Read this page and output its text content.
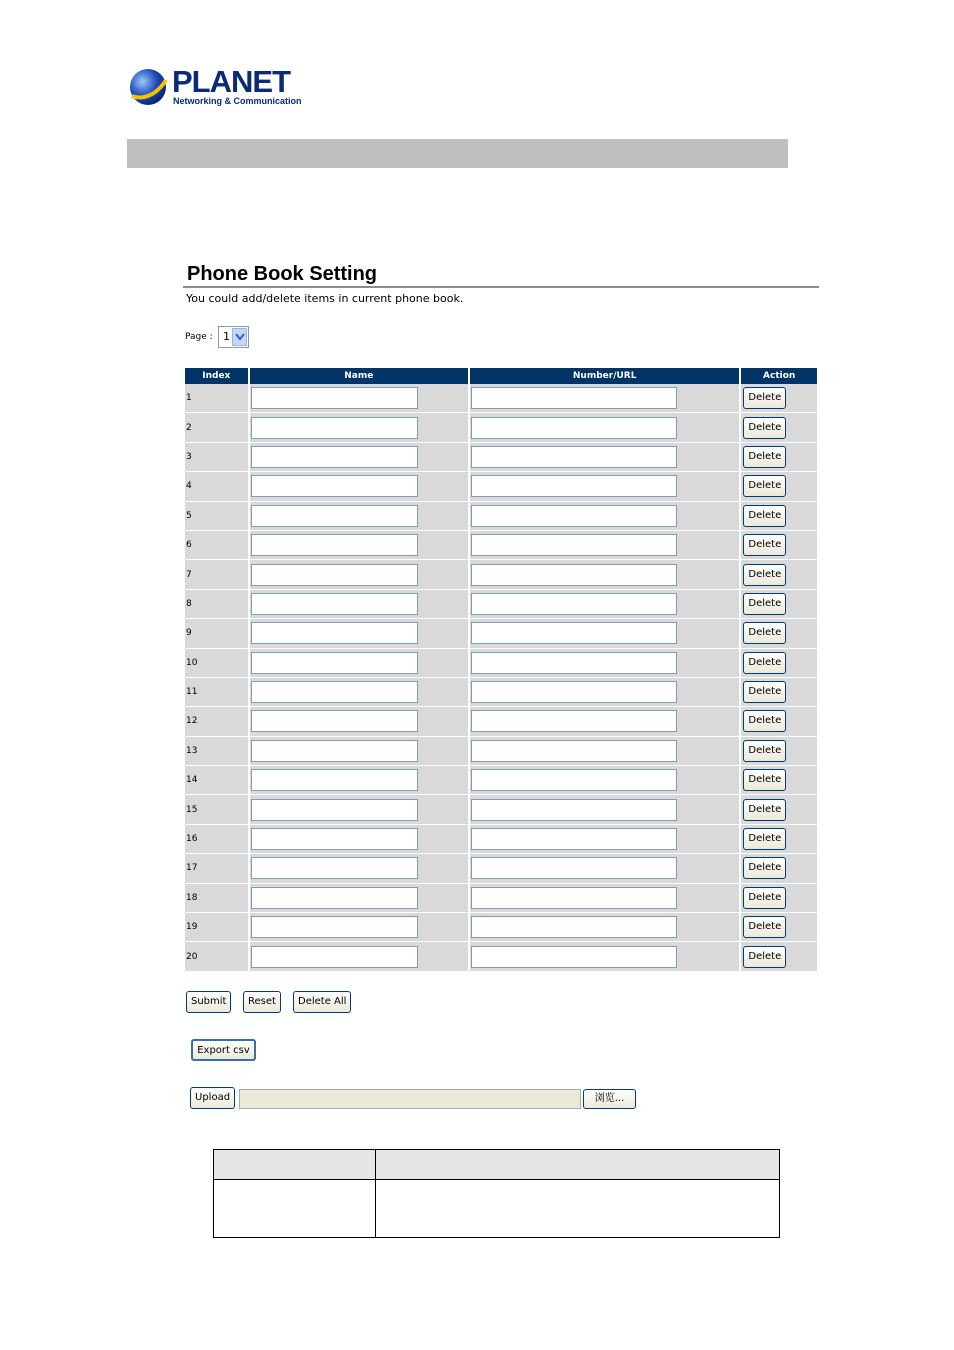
PLANET
Networking & Communication
Phone Book Setting
You could add/delete items in current phone book.
Page : 1
Index	Name	Number/URL	Action
1			Delete
2			Delete
3			Delete
4			Delete
5			Delete
6			Delete
7			Delete
8			Delete
9			Delete
10			Delete
11			Delete
12			Delete
13			Delete
14			Delete
15			Delete
16			Delete
17			Delete
18			Delete
19			Delete
20			Delete
Submit	Reset	Delete All
Export csv
Upload	浏览...
